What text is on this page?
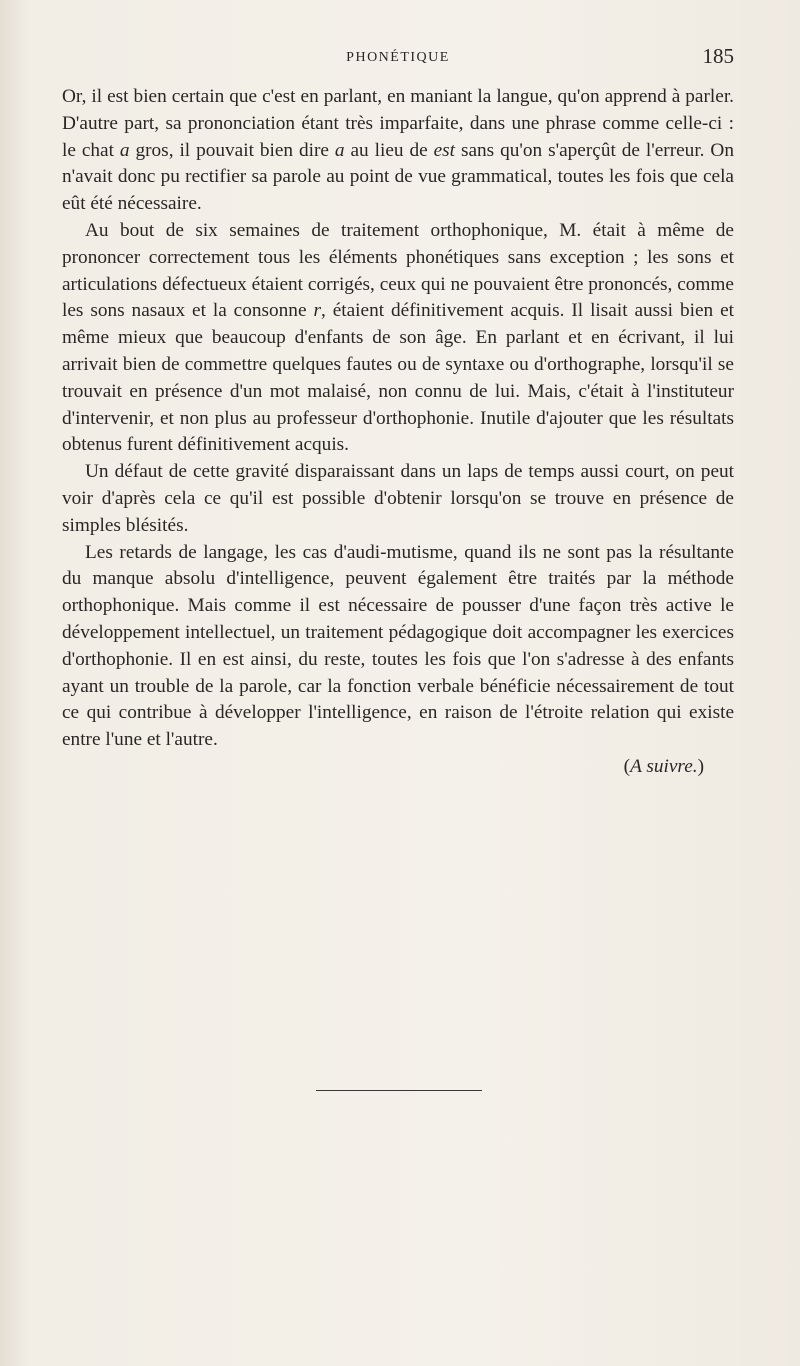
PHONÉTIQUE	185

Or, il est bien certain que c'est en parlant, en maniant la langue, qu'on apprend à parler. D'autre part, sa prononciation étant très imparfaite, dans une phrase comme celle-ci : le chat a gros, il pouvait bien dire a au lieu de est sans qu'on s'aperçût de l'erreur. On n'avait donc pu rectifier sa parole au point de vue grammatical, toutes les fois que cela eût été nécessaire.

Au bout de six semaines de traitement orthophonique, M. était à même de prononcer correctement tous les éléments phonétiques sans exception ; les sons et articulations défectueux étaient corrigés, ceux qui ne pouvaient être prononcés, comme les sons nasaux et la consonne r, étaient définitivement acquis. Il lisait aussi bien et même mieux que beaucoup d'enfants de son âge. En parlant et en écrivant, il lui arrivait bien de commettre quelques fautes ou de syntaxe ou d'orthographe, lorsqu'il se trouvait en présence d'un mot malaisé, non connu de lui. Mais, c'était à l'instituteur d'intervenir, et non plus au professeur d'orthophonie. Inutile d'ajouter que les résultats obtenus furent définitivement acquis.

Un défaut de cette gravité disparaissant dans un laps de temps aussi court, on peut voir d'après cela ce qu'il est possible d'obtenir lorsqu'on se trouve en présence de simples blésités.

Les retards de langage, les cas d'audi-mutisme, quand ils ne sont pas la résultante du manque absolu d'intelligence, peuvent également être traités par la méthode orthophonique. Mais comme il est nécessaire de pousser d'une façon très active le développement intellectuel, un traitement pédagogique doit accompagner les exercices d'orthophonie. Il en est ainsi, du reste, toutes les fois que l'on s'adresse à des enfants ayant un trouble de la parole, car la fonction verbale bénéficie nécessairement de tout ce qui contribue à développer l'intelligence, en raison de l'étroite relation qui existe entre l'une et l'autre.

(A suivre.)
